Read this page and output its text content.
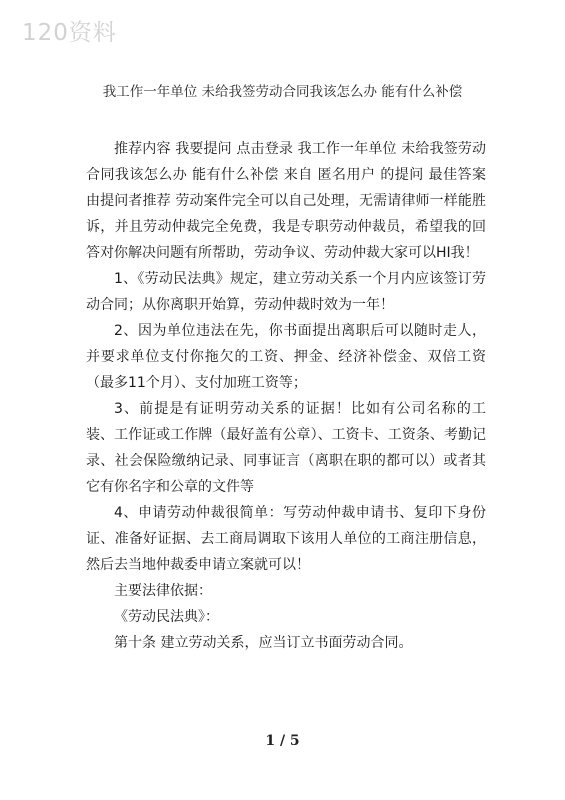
120资料
我工作一年单位 未给我签劳动合同我该怎么办 能有什么补偿

推荐内容 我要提问 点击登录 我工作一年单位 未给我签劳动合同我该怎么办 能有什么补偿 来自 匿名用户 的提问 最佳答案 由提问者推荐 劳动案件完全可以自己处理，无需请律师一样能胜诉，并且劳动仲裁完全免费，我是专职劳动仲裁员，希望我的回答对你解决问题有所帮助，劳动争议、劳动仲裁大家可以HI我！

1、《劳动民法典》规定，建立劳动关系一个月内应该签订劳动合同；从你离职开始算，劳动仲裁时效为一年！

2、因为单位违法在先，你书面提出离职后可以随时走人，并要求单位支付你拖欠的工资、押金、经济补偿金、双倍工资（最多11个月）、支付加班工资等；

3、前提是有证明劳动关系的证据！比如有公司名称的工装、工作证或工作牌（最好盖有公章）、工资卡、工资条、考勤记录、社会保险缴纳记录、同事证言（离职在职的都可以）或者其它有你名字和公章的文件等

4、申请劳动仲裁很简单：写劳动仲裁申请书、复印下身份证、准备好证据、去工商局调取下该用人单位的工商注册信息，然后去当地仲裁委申请立案就可以！

主要法律依据：

《劳动民法典》：

第十条 建立劳动关系，应当订立书面劳动合同。

1 / 5
